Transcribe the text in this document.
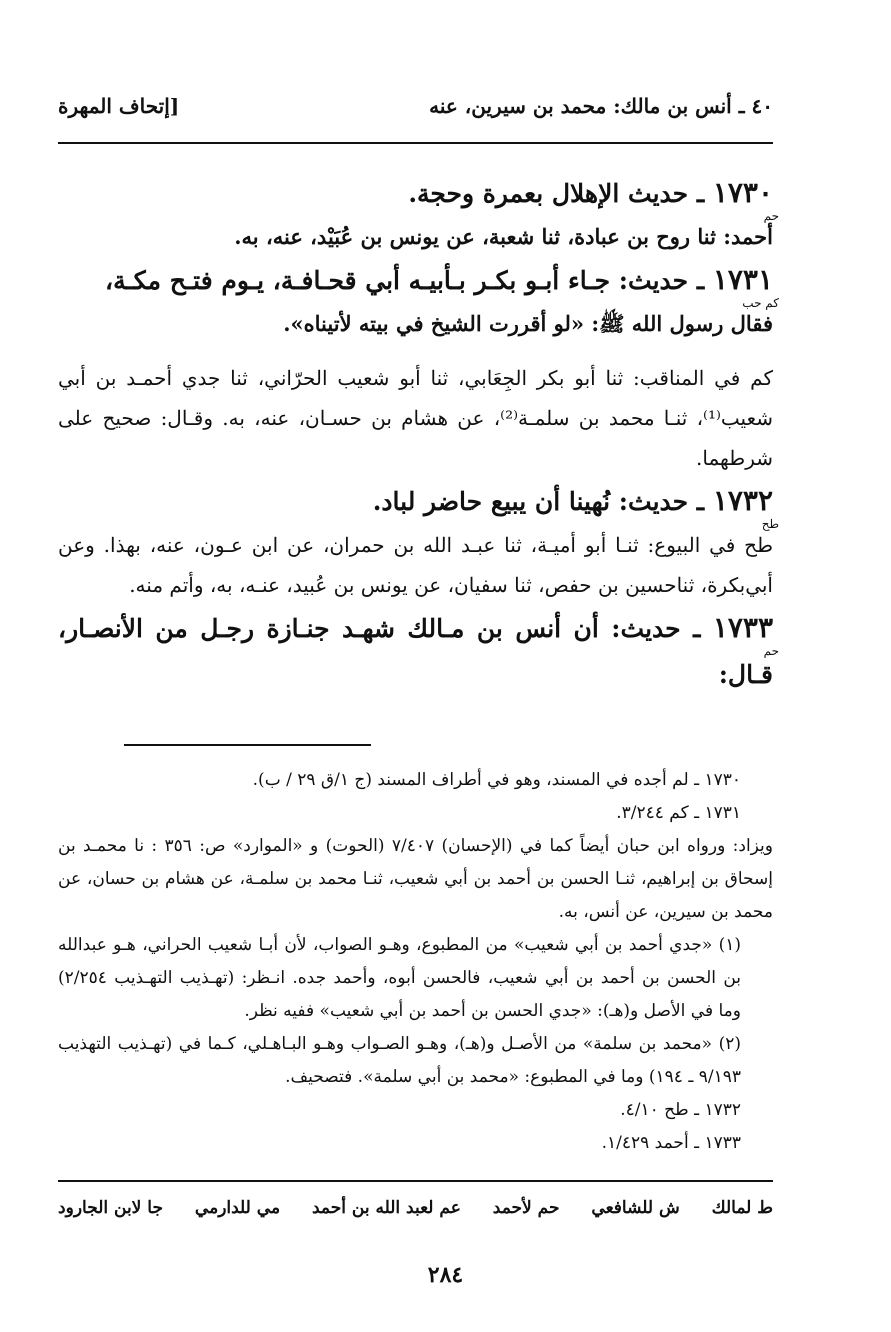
٤٠ ـ أنس بن مالك: محمد بن سيرين، عنه
[إتحاف المهرة

١٧٣٠ ـ حديث الإهلال بعمرة وحجة.
حم

أحمد: ثنا روح بن عبادة، ثنا شعبة، عن يونس بن عُبَيْد، عنه، به.

١٧٣١ ـ حديث: جـاء أبـو بكـر بـأبيـه أبي قحـافـة، يـوم فتـح مكـة،
كم حب

فقال رسول الله ﷺ: «لو أقررت الشيخ في بيته لأتيناه».

كم في المناقب: ثنا أبو بكر الجِعَابي، ثنا أبو شعيب الحرّاني، ثنا جدي أحمـد بن أبي شعيب⁽¹⁾، ثنـا محمد بن سلمـة⁽²⁾، عن هشام بن حسـان، عنه، به. وقـال: صحيح على شرطهما.

١٧٣٢ ـ حديث: نُهينا أن يبيع حاضر لباد.
طح

طح في البيوع: ثنـا أبو أميـة، ثنا عبـد الله بن حمران، عن ابن عـون، عنه، بهذا. وعن أبي‌بكرة، ثناحسين بن حفص، ثنا سفيان، عن يونس بن عُبيد، عنـه، به، وأتم منه.

١٧٣٣ ـ حديث: أن أنس بن مـالك شهـد جنـازة رجـل من الأنصـار، قـال:
حم

١٧٣٠ ـ لم أجده في المسند، وهو في أطراف المسند (ج ١/ق ٢٩ / ب).

١٧٣١ ـ كم ٣/٢٤٤.

ويزاد: ورواه ابن حبان أيضاً كما في (الإحسان) ٧/٤٠٧ (الحوت) و «الموارد» ص: ٣٥٦ : نا محمـد بن إسحاق بن إبراهيم، ثنـا الحسن بن أحمد بن أبي شعيب، ثنـا محمد بن سلمـة، عن هشام بن حسان، عن محمد بن سيرين، عن أنس، به.

(١) «جدي أحمد بن أبي شعيب» من المطبوع، وهـو الصواب، لأن أبـا شعيب الحراني، هـو عبدالله بن الحسن بن أحمد بن أبي شعيب، فالحسن أبوه، وأحمد جده. انـظر: (تهـذيب التهـذيب ٢/٢٥٤) وما في الأصل و(هـ): «جدي الحسن بن أحمد بن أبي شعيب» ففيه نظر.

(٢) «محمد بن سلمة» من الأصـل و(هـ)، وهـو الصـواب وهـو البـاهـلي، كـما في (تهـذيب التهذيب ٩/١٩٣ ـ ١٩٤) وما في المطبوع: «محمد بن أبي سلمة». فتصحيف.

١٧٣٢ ـ طح ٤/١٠.

١٧٣٣ ـ أحمد ١/٤٢٩.

ط لمالك
ش للشافعي
حم لأحمد
عم لعبد الله بن أحمد
مي للدارمي
جا لابن الجارود
٢٨٤
